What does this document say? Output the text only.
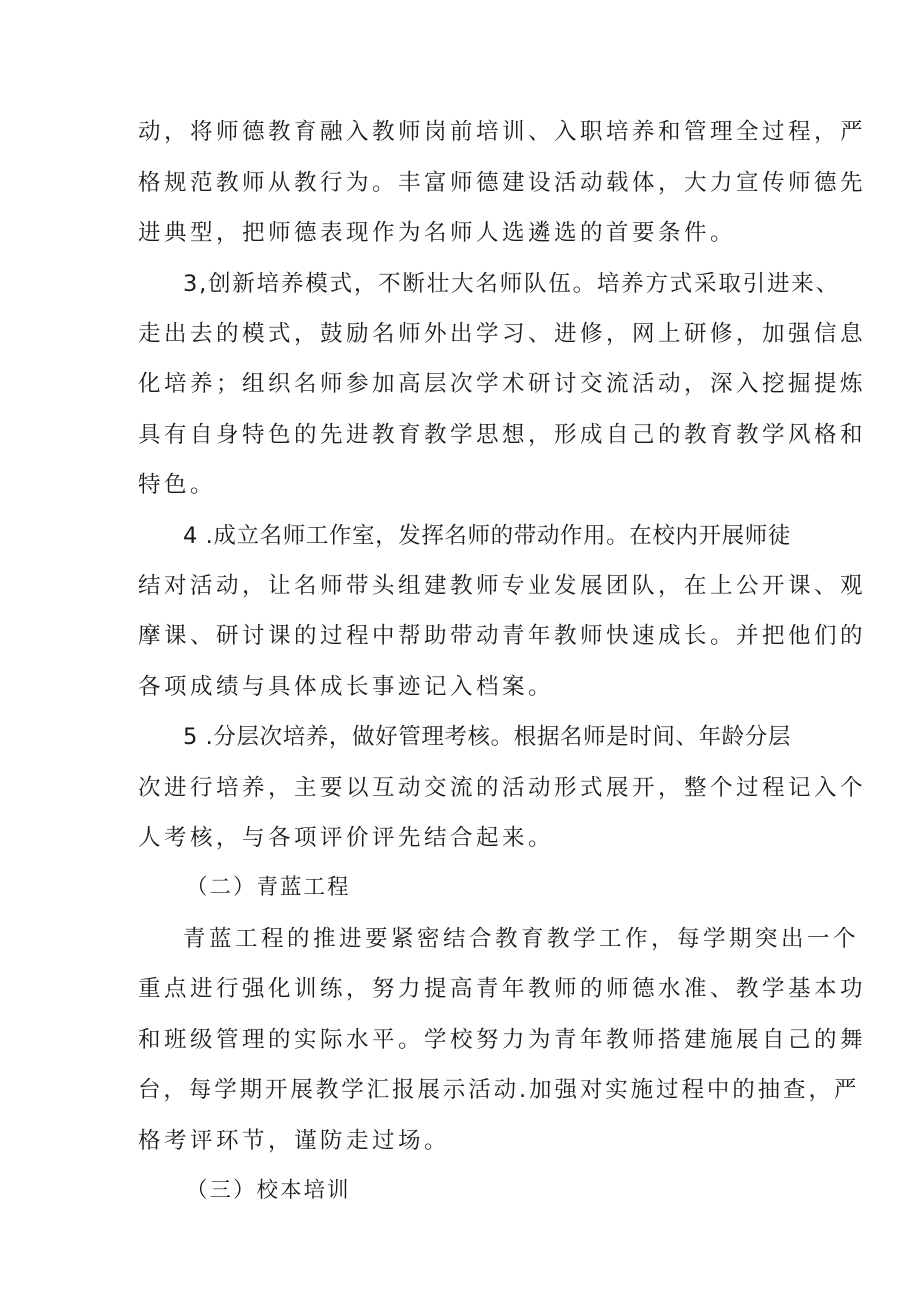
动，将师德教育融入教师岗前培训、入职培养和管理全过程，严
格规范教师从教行为。丰富师德建设活动载体，大力宣传师德先
进典型，把师德表现作为名师人选遴选的首要条件。
3,创新培养模式，不断壮大名师队伍。培养方式采取引进来、
走出去的模式，鼓励名师外出学习、进修，网上研修，加强信息
化培养；组织名师参加高层次学术研讨交流活动，深入挖掘提炼
具有自身特色的先进教育教学思想，形成自己的教育教学风格和
特色。
4 .成立名师工作室，发挥名师的带动作用。在校内开展师徒
结对活动，让名师带头组建教师专业发展团队，在上公开课、观
摩课、研讨课的过程中帮助带动青年教师快速成长。并把他们的
各项成绩与具体成长事迹记入档案。
5 .分层次培养，做好管理考核。根据名师是时间、年龄分层
次进行培养，主要以互动交流的活动形式展开，整个过程记入个
人考核，与各项评价评先结合起来。
（二）青蓝工程
青蓝工程的推进要紧密结合教育教学工作，每学期突出一个
重点进行强化训练，努力提高青年教师的师德水准、教学基本功
和班级管理的实际水平。学校努力为青年教师搭建施展自己的舞
台，每学期开展教学汇报展示活动.加强对实施过程中的抽查，严
格考评环节，谨防走过场。
（三）校本培训
